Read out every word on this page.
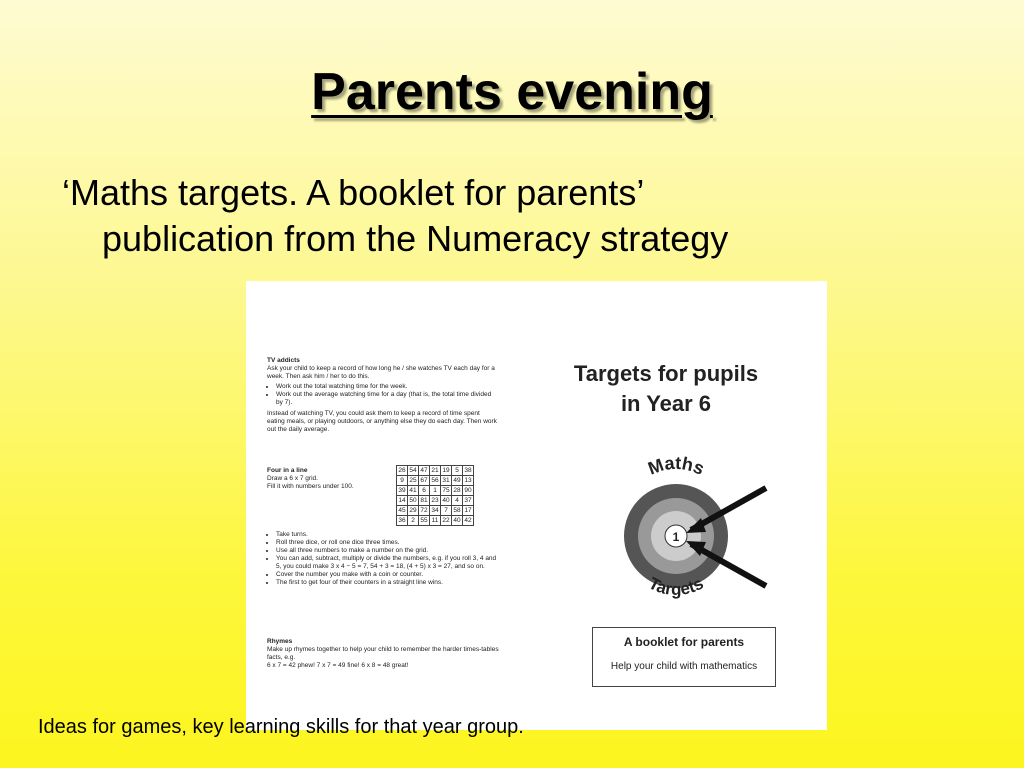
Parents evening
‘Maths targets. A booklet for parents’
publication from the Numeracy strategy
TV addicts

Ask your child to keep a record of how long he / she watches TV each day for a week. Then ask him / her to do this.

• Work out the total watching time for the week.
• Work out the average watching time for a day (that is, the total time divided by 7).

Instead of watching TV, you could ask them to keep a record of time spent eating meals, or playing outdoors, or anything else they do each day. Then work out the daily average.

Four in a line
Draw a 6 x 7 grid.
Fill it with numbers under 100.
26	54	47	21	19	5	38
9	25	67	56	31	49	13
39	41	6	1	75	28	90
14	50	81	23	40	4	37
45	29	72	34	7	58	17
36	2	55	11	22	40	42
• Take turns.
• Roll three dice, or roll one dice three times.
• Use all three numbers to make a number on the grid.
• You can add, subtract, multiply or divide the numbers, e.g. if you roll 3, 4 and 5, you could make 3 x 4 − 5 = 7, 54 + 3 = 18, (4 + 5) x 3 = 27, and so on.
• Cover the number you make with a coin or counter.
• The first to get four of their counters in a straight line wins.
Rhymes

Make up rhymes together to help your child to remember the harder times-tables facts, e.g.

6 x 7 = 42 phew! 7 x 7 = 49 fine! 6 x 8 = 48 great!

Targets for pupils
in Year 6
Maths
1
Targets
A booklet for parents
Help your child with mathematics
Ideas for games, key learning skills for that year group.
